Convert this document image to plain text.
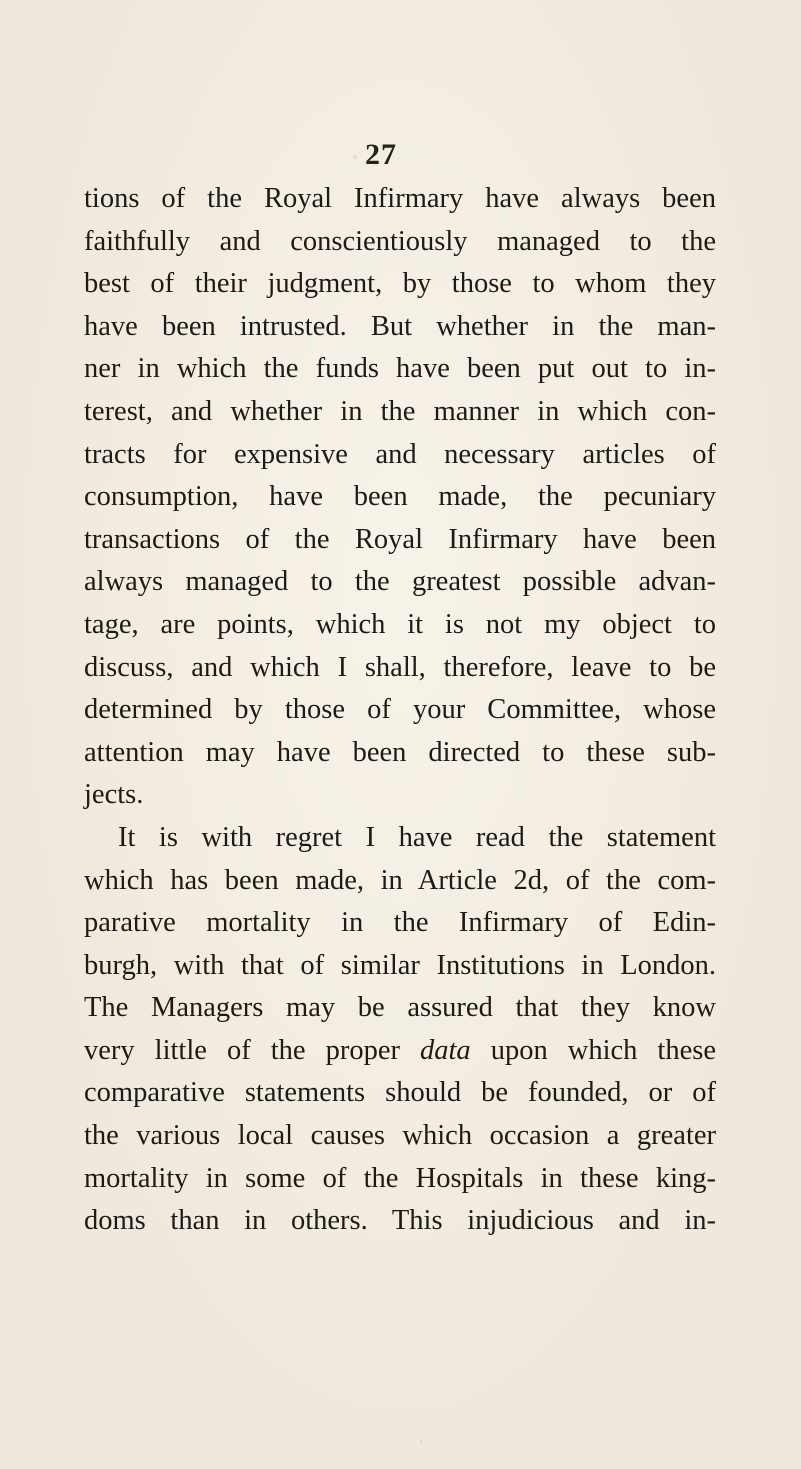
27
tions of the Royal Infirmary have always been
faithfully and conscientiously managed to the
best of their judgment, by those to whom they
have been intrusted. But whether in the man-
ner in which the funds have been put out to in-
terest, and whether in the manner in which con-
tracts for expensive and necessary articles of
consumption, have been made, the pecuniary
transactions of the Royal Infirmary have been
always managed to the greatest possible advan-
tage, are points, which it is not my object to
discuss, and which I shall, therefore, leave to be
determined by those of your Committee, whose
attention may have been directed to these sub-
jects.
It is with regret I have read the statement
which has been made, in Article 2d, of the com-
parative mortality in the Infirmary of Edin-
burgh, with that of similar Institutions in London.
The Managers may be assured that they know
very little of the proper data upon which these
comparative statements should be founded, or of
the various local causes which occasion a greater
mortality in some of the Hospitals in these king-
doms than in others. This injudicious and in-
